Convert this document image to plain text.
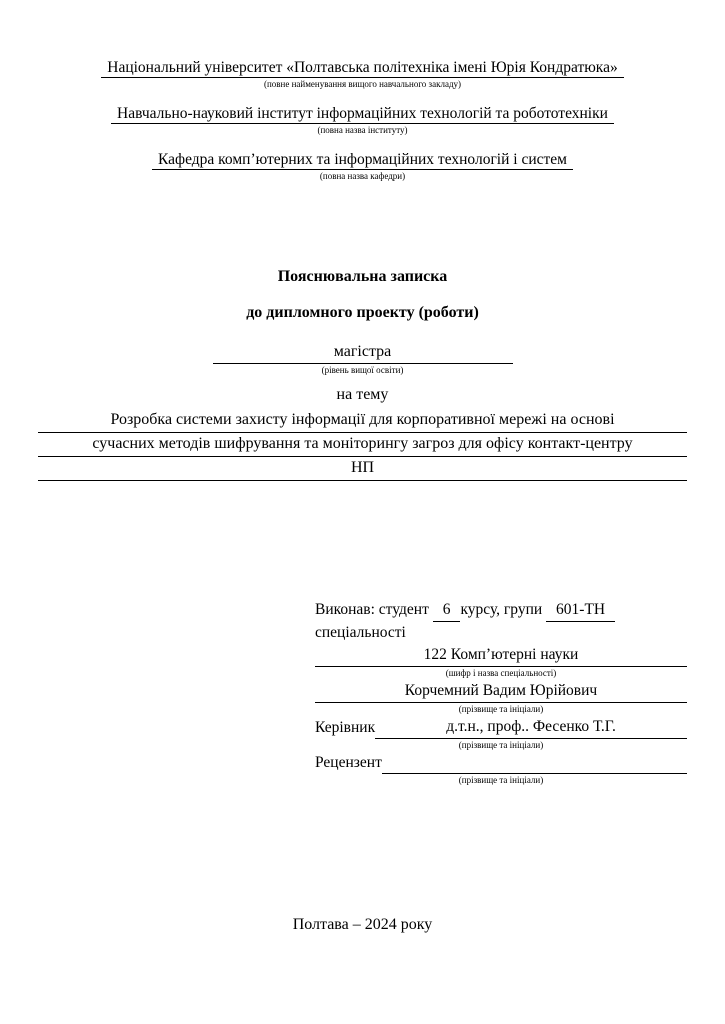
Національний університет «Полтавська політехніка імені Юрія Кондратюка»
(повне найменування вищого навчального закладу)
Навчально-науковий інститут інформаційних технологій та робототехніки
(повна назва інституту)
Кафедра комп’ютерних та інформаційних технологій і систем
(повна назва кафедри)
Пояснювальна записка
до дипломного проекту (роботи)
магістра
(рівень вищої освіти)
на тему
Розробка системи захисту інформації для корпоративної мережі на основі
сучасних методів шифрування та моніторингу загроз для офісу контакт-центру
НП
Виконав: студент 6 курсу, групи 601-ТН
спеціальності
122 Комп’ютерні науки
(шифр і назва спеціальності)
Корчемний Вадим Юрійович
(прізвище та ініціали)
Керівник	д.т.н., проф.. Фесенко Т.Г.
(прізвище та ініціали)
Рецензент
(прізвище та ініціали)
Полтава – 2024 року
